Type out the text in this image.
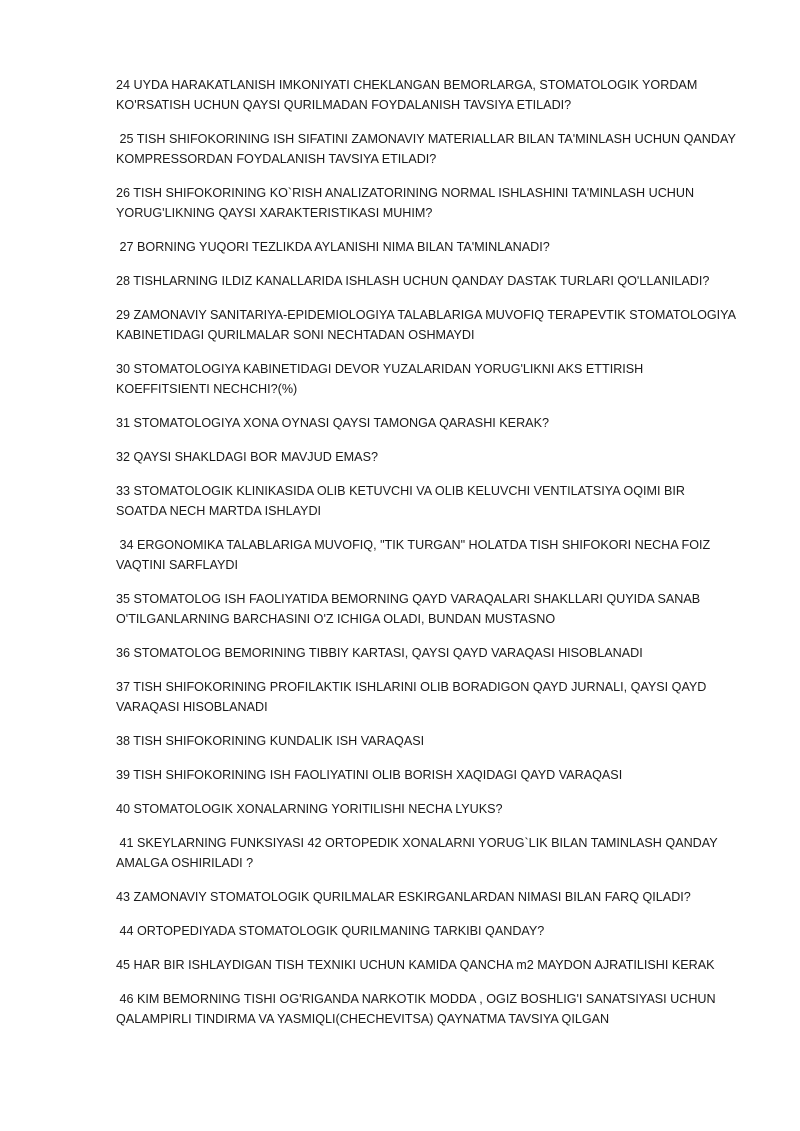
24 UYDA HARAKATLANISH IMKONIYATI CHEKLANGAN BEMORLARGA, STOMATOLOGIK YORDAM KO'RSATISH UCHUN QAYSI QURILMADAN FOYDALANISH TAVSIYA ETILADI?

25 TISH SHIFOKORINING ISH SIFATINI ZAMONAVIY MATERIALLAR BILAN TA'MINLASH UCHUN QANDAY KOMPRESSORDAN FOYDALANISH TAVSIYA ETILADI?

26 TISH SHIFOKORINING KO`RISH ANALIZATORINING NORMAL ISHLASHINI TA'MINLASH UCHUN YORUG'LIKNING QAYSI XARAKTERISTIKASI MUHIM?

27 BORNING YUQORI TEZLIKDA AYLANISHI NIMA BILAN TA'MINLANADI?

28 TISHLARNING ILDIZ KANALLARIDA ISHLASH UCHUN QANDAY DASTAK TURLARI QO'LLANILADI?

29 ZAMONAVIY SANITARIYA-EPIDEMIOLOGIYA TALABLARIGA MUVOFIQ TERAPEVTIK STOMATOLOGIYA KABINETIDAGI QURILMALAR SONI NECHTADAN OSHMAYDI

30 STOMATOLOGIYA KABINETIDAGI DEVOR YUZALARIDAN YORUG'LIKNI AKS ETTIRISH KOEFFITSIENTI NECHCHI?(%)

31 STOMATOLOGIYA XONA OYNASI QAYSI TAMONGA QARASHI KERAK?

32 QAYSI SHAKLDAGI BOR MAVJUD EMAS?

33 STOMATOLOGIK KLINIKASIDA OLIB KETUVCHI VA OLIB KELUVCHI VENTILATSIYA OQIMI BIR SOATDA NECH MARTDA ISHLAYDI

34 ERGONOMIKA TALABLARIGA MUVOFIQ, "TIK TURGAN" HOLATDA TISH SHIFOKORI NECHA FOIZ VAQTINI SARFLAYDI

35 STOMATOLOG ISH FAOLIYATIDA BEMORNING QAYD VARAQALARI SHAKLLARI QUYIDA SANAB O'TILGANLARNING BARCHASINI O'Z ICHIGA OLADI, BUNDAN MUSTASNO

36 STOMATOLOG BEMORINING TIBBIY KARTASI, QAYSI QAYD VARAQASI HISOBLANADI

37 TISH SHIFOKORINING PROFILAKTIK ISHLARINI OLIB BORADIGON QAYD JURNALI, QAYSI QAYD VARAQASI HISOBLANADI

38 TISH SHIFOKORINING KUNDALIK ISH VARAQASI

39 TISH SHIFOKORINING ISH FAOLIYATINI OLIB BORISH XAQIDAGI QAYD VARAQASI

40 STOMATOLOGIK XONALARNING YORITILISHI NECHA LYUKS?

41 SKEYLARNING FUNKSIYASI 42 ORTOPEDIK XONALARNI YORUG`LIK BILAN TAMINLASH QANDAY AMALGA OSHIRILADI ?

43 ZAMONAVIY STOMATOLOGIK QURILMALAR ESKIRGANLARDAN NIMASI BILAN FARQ QILADI?

44 ORTOPEDIYADA STOMATOLOGIK QURILMANING TARKIBI QANDAY?

45 HAR BIR ISHLAYDIGAN TISH TEXNIKI UCHUN KAMIDA QANCHA m2 MAYDON AJRATILISHI KERAK

46 KIM BEMORNING TISHI OG'RIGANDA NARKOTIK MODDA , OGIZ BOSHLIG'I SANATSIYASI UCHUN QALAMPIRLI TINDIRMA VA YASMIQLI(CHECHEVITSA) QAYNATMA TAVSIYA QILGAN
